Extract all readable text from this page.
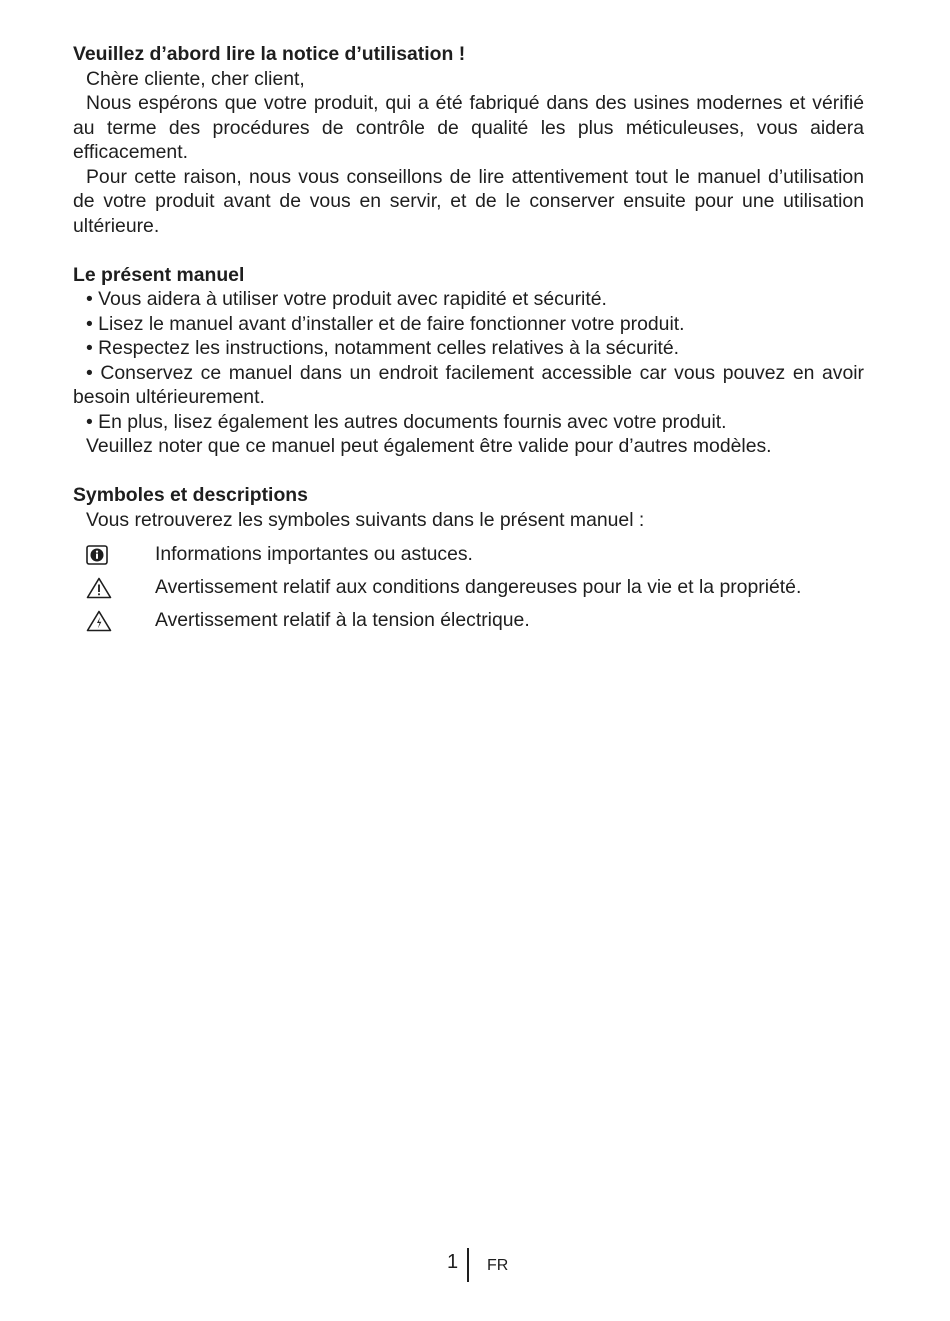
Veuillez d’abord lire la notice d’utilisation !

Chère cliente, cher client,

Nous espérons que votre produit, qui a été fabriqué dans des usines modernes et vérifié au terme des procédures de contrôle de qualité les plus méticuleuses, vous aidera efficacement.

Pour cette raison, nous vous conseillons de lire attentivement tout le manuel d’utilisation de votre produit avant de vous en servir, et de le conserver ensuite pour une utilisation ultérieure.

Le présent manuel

• Vous aidera à utiliser votre produit avec rapidité et sécurité.

• Lisez le manuel avant d’installer et de faire fonctionner votre produit.

• Respectez les instructions, notamment celles relatives à la sécurité.

• Conservez ce manuel dans un endroit facilement accessible car vous pouvez en avoir besoin ultérieurement.

• En plus, lisez également les autres documents fournis avec votre produit.

Veuillez noter que ce manuel peut également être valide pour d’autres modèles.

Symboles et descriptions

Vous retrouverez les symboles suivants dans le présent manuel :

Informations importantes ou astuces.
Avertissement relatif aux conditions dangereuses pour la vie et la propriété.
Avertissement relatif à la tension électrique.
1 FR
